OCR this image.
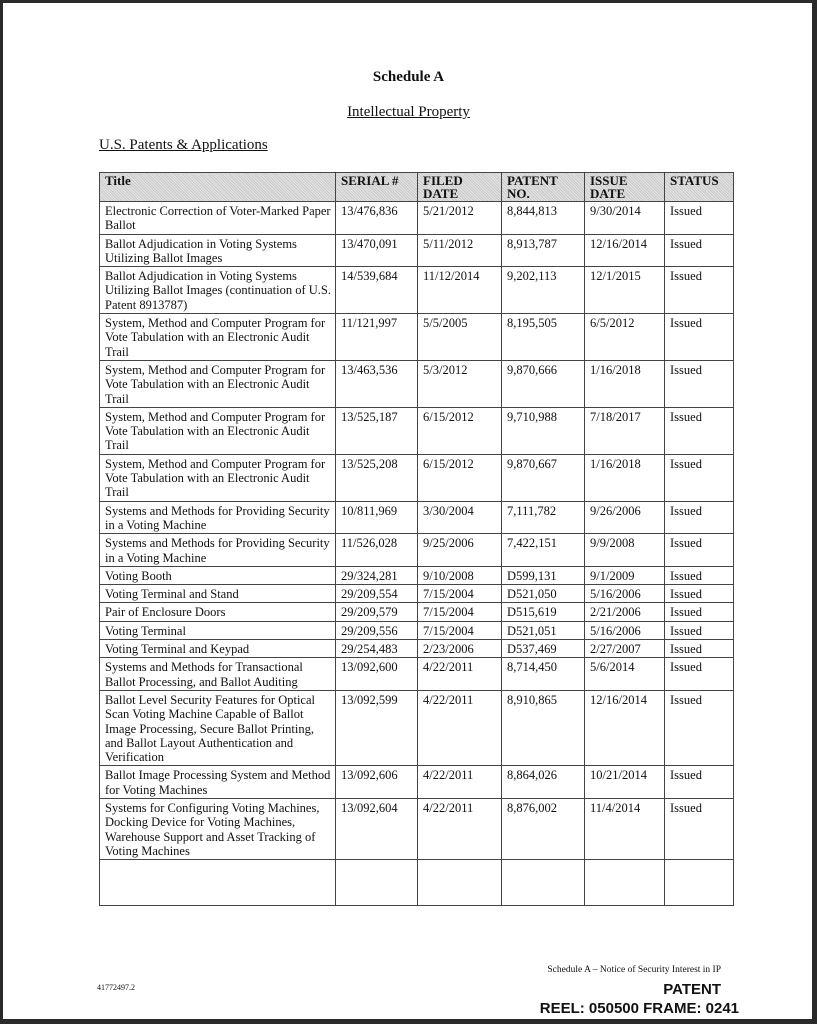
Schedule A
Intellectual Property
U.S. Patents & Applications
Title	SERIAL #	FILED DATE	PATENT NO.	ISSUE DATE	STATUS
Electronic Correction of Voter-Marked Paper Ballot	13/476,836	5/21/2012	8,844,813	9/30/2014	Issued
Ballot Adjudication in Voting Systems Utilizing Ballot Images	13/470,091	5/11/2012	8,913,787	12/16/2014	Issued
Ballot Adjudication in Voting Systems Utilizing Ballot Images (continuation of U.S. Patent 8913787)	14/539,684	11/12/2014	9,202,113	12/1/2015	Issued
System, Method and Computer Program for Vote Tabulation with an Electronic Audit Trail	11/121,997	5/5/2005	8,195,505	6/5/2012	Issued
System, Method and Computer Program for Vote Tabulation with an Electronic Audit Trail	13/463,536	5/3/2012	9,870,666	1/16/2018	Issued
System, Method and Computer Program for Vote Tabulation with an Electronic Audit Trail	13/525,187	6/15/2012	9,710,988	7/18/2017	Issued
System, Method and Computer Program for Vote Tabulation with an Electronic Audit Trail	13/525,208	6/15/2012	9,870,667	1/16/2018	Issued
Systems and Methods for Providing Security in a Voting Machine	10/811,969	3/30/2004	7,111,782	9/26/2006	Issued
Systems and Methods for Providing Security in a Voting Machine	11/526,028	9/25/2006	7,422,151	9/9/2008	Issued
Voting Booth	29/324,281	9/10/2008	D599,131	9/1/2009	Issued
Voting Terminal and Stand	29/209,554	7/15/2004	D521,050	5/16/2006	Issued
Pair of Enclosure Doors	29/209,579	7/15/2004	D515,619	2/21/2006	Issued
Voting Terminal	29/209,556	7/15/2004	D521,051	5/16/2006	Issued
Voting Terminal and Keypad	29/254,483	2/23/2006	D537,469	2/27/2007	Issued
Systems and Methods for Transactional Ballot Processing, and Ballot Auditing	13/092,600	4/22/2011	8,714,450	5/6/2014	Issued
Ballot Level Security Features for Optical Scan Voting Machine Capable of Ballot Image Processing, Secure Ballot Printing, and Ballot Layout Authentication and Verification	13/092,599	4/22/2011	8,910,865	12/16/2014	Issued
Ballot Image Processing System and Method for Voting Machines	13/092,606	4/22/2011	8,864,026	10/21/2014	Issued
Systems for Configuring Voting Machines, Docking Device for Voting Machines, Warehouse Support and Asset Tracking of Voting Machines	13/092,604	4/22/2011	8,876,002	11/4/2014	Issued

41772497.2
Schedule A – Notice of Security Interest in IP
PATENT
REEL: 050500 FRAME: 0241
